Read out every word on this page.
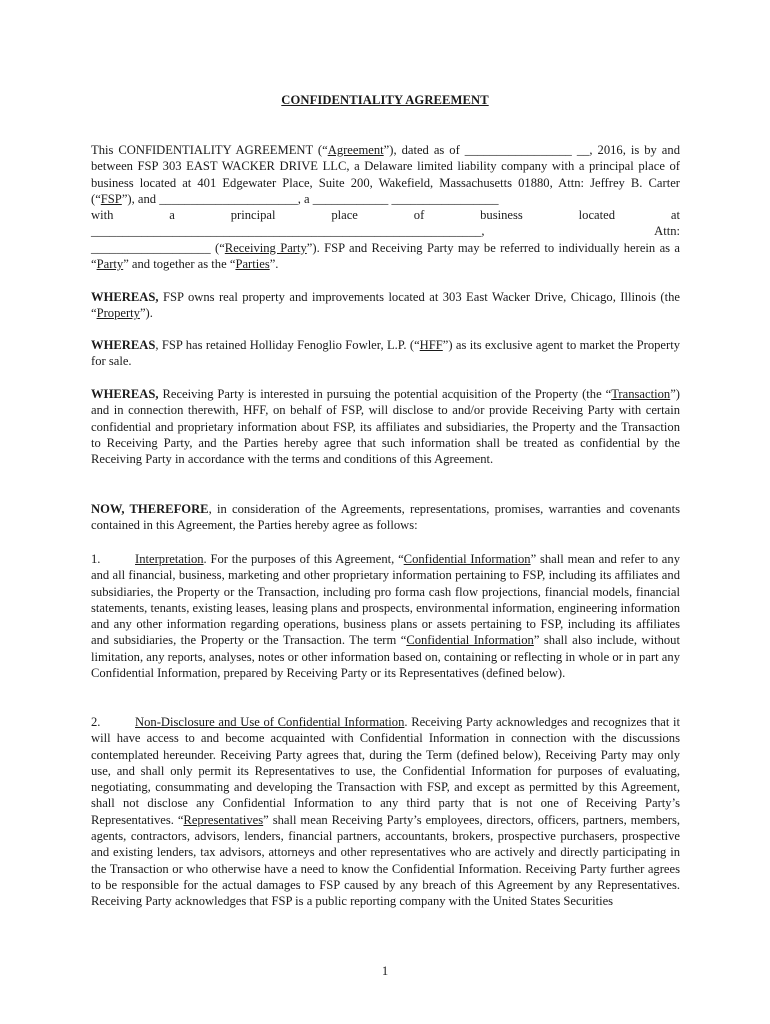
CONFIDENTIALITY AGREEMENT

This CONFIDENTIALITY AGREEMENT (“Agreement”), dated as of _________________ __, 2016, is by and between FSP 303 EAST WACKER DRIVE LLC, a Delaware limited liability company with a principal place of business located at 401 Edgewater Place, Suite 200, Wakefield, Massachusetts 01880, Attn: Jeffrey B. Carter (“FSP”), and ______________________, a ____________ _________________

with	a	principal	place	of	business	located	at
______________________________________________________________,	Attn:

___________________ (“Receiving Party”). FSP and Receiving Party may be referred to individually herein as a “Party” and together as the “Parties”.

WHEREAS, FSP owns real property and improvements located at 303 East Wacker Drive, Chicago, Illinois (the “Property”).

WHEREAS, FSP has retained Holliday Fenoglio Fowler, L.P. (“HFF”) as its exclusive agent to market the Property for sale.

WHEREAS, Receiving Party is interested in pursuing the potential acquisition of the Property (the “Transaction”) and in connection therewith, HFF, on behalf of FSP, will disclose to and/or provide Receiving Party with certain confidential and proprietary information about FSP, its affiliates and subsidiaries, the Property and the Transaction to Receiving Party, and the Parties hereby agree that such information shall be treated as confidential by the Receiving Party in accordance with the terms and conditions of this Agreement.

NOW, THEREFORE, in consideration of the Agreements, representations, promises, warranties and covenants contained in this Agreement, the Parties hereby agree as follows:

1.	Interpretation. For the purposes of this Agreement, “Confidential Information” shall mean and refer to any and all financial, business, marketing and other proprietary information pertaining to FSP, including its affiliates and subsidiaries, the Property or the Transaction, including pro forma cash flow projections, financial models, financial statements, tenants, existing leases, leasing plans and prospects, environmental information, engineering information and any other information regarding operations, business plans or assets pertaining to FSP, including its affiliates and subsidiaries, the Property or the Transaction. The term “Confidential Information” shall also include, without limitation, any reports, analyses, notes or other information based on, containing or reflecting in whole or in part any Confidential Information, prepared by Receiving Party or its Representatives (defined below).

2.	Non-Disclosure and Use of Confidential Information. Receiving Party acknowledges and recognizes that it will have access to and become acquainted with Confidential Information in connection with the discussions contemplated hereunder. Receiving Party agrees that, during the Term (defined below), Receiving Party may only use, and shall only permit its Representatives to use, the Confidential Information for purposes of evaluating, negotiating, consummating and developing the Transaction with FSP, and except as permitted by this Agreement, shall not disclose any Confidential Information to any third party that is not one of Receiving Party’s Representatives. “Representatives” shall mean Receiving Party’s employees, directors, officers, partners, members, agents, contractors, advisors, lenders, financial partners, accountants, brokers, prospective purchasers, prospective and existing lenders, tax advisors, attorneys and other representatives who are actively and directly participating in the Transaction or who otherwise have a need to know the Confidential Information. Receiving Party further agrees to be responsible for the actual damages to FSP caused by any breach of this Agreement by any Representatives. Receiving Party acknowledges that FSP is a public reporting company with the United States Securities

1
